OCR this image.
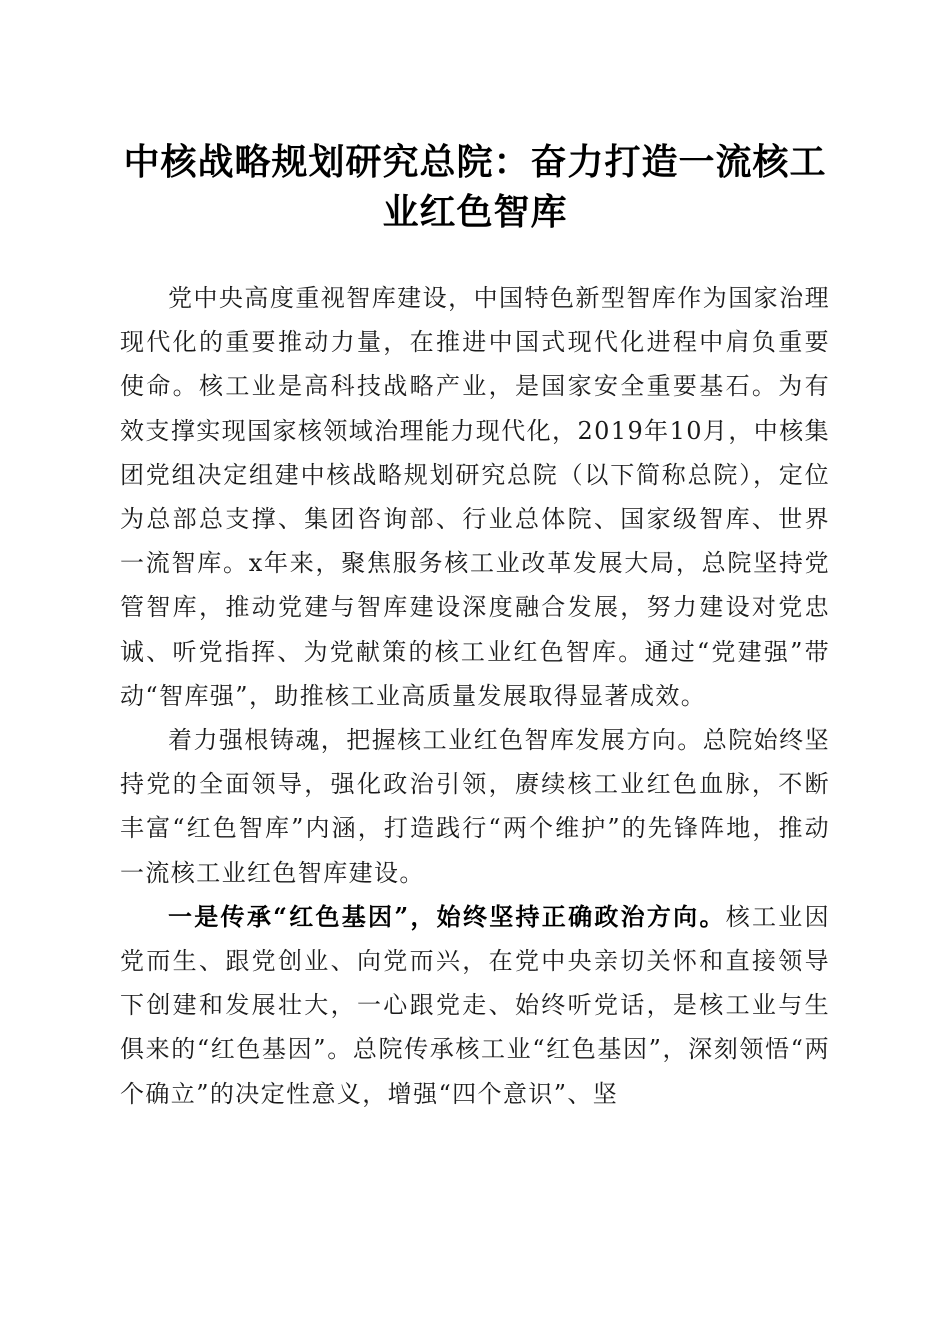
中核战略规划研究总院：奋力打造一流核工业红色智库

党中央高度重视智库建设，中国特色新型智库作为国家治理现代化的重要推动力量，在推进中国式现代化进程中肩负重要使命。核工业是高科技战略产业，是国家安全重要基石。为有效支撑实现国家核领域治理能力现代化，2019年10月，中核集团党组决定组建中核战略规划研究总院（以下简称总院），定位为总部总支撑、集团咨询部、行业总体院、国家级智库、世界一流智库。x年来，聚焦服务核工业改革发展大局，总院坚持党管智库，推动党建与智库建设深度融合发展，努力建设对党忠诚、听党指挥、为党献策的核工业红色智库。通过“党建强”带动“智库强”，助推核工业高质量发展取得显著成效。

着力强根铸魂，把握核工业红色智库发展方向。总院始终坚持党的全面领导，强化政治引领，赓续核工业红色血脉，不断丰富“红色智库”内涵，打造践行“两个维护”的先锋阵地，推动一流核工业红色智库建设。

一是传承“红色基因”，始终坚持正确政治方向。核工业因党而生、跟党创业、向党而兴，在党中央亲切关怀和直接领导下创建和发展壮大，一心跟党走、始终听党话，是核工业与生俱来的“红色基因”。总院传承核工业“红色基因”，深刻领悟“两个确立”的决定性意义，增强“四个意识”、坚
